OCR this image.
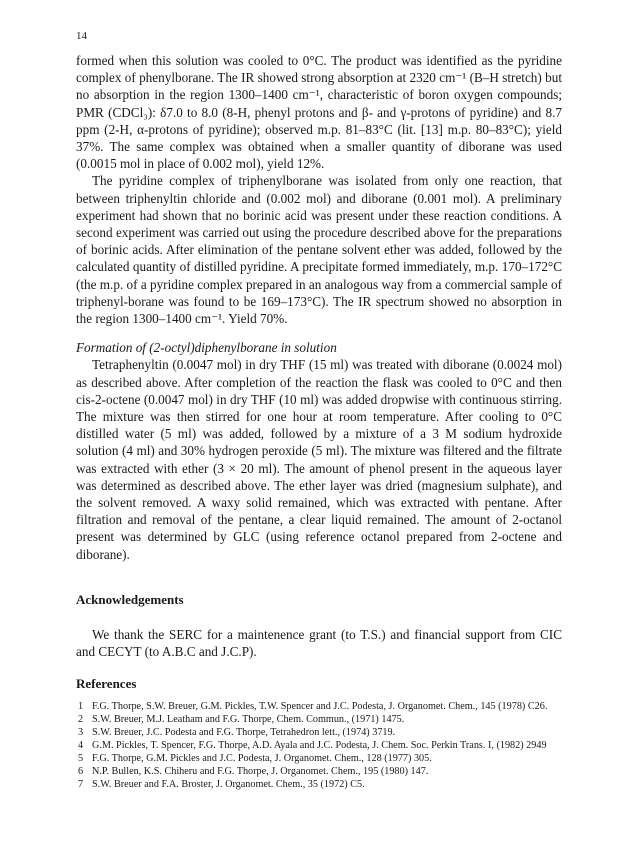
14

formed when this solution was cooled to 0°C. The product was identified as the pyridine complex of phenylborane. The IR showed strong absorption at 2320 cm⁻¹ (B–H stretch) but no absorption in the region 1300–1400 cm⁻¹, characteristic of boron oxygen compounds; PMR (CDCl₃): δ7.0 to 8.0 (8-H, phenyl protons and β- and γ-protons of pyridine) and 8.7 ppm (2-H, α-protons of pyridine); observed m.p. 81–83°C (lit. [13] m.p. 80–83°C); yield 37%. The same complex was obtained when a smaller quantity of diborane was used (0.0015 mol in place of 0.002 mol), yield 12%.

The pyridine complex of triphenylborane was isolated from only one reaction, that between triphenyltin chloride and (0.002 mol) and diborane (0.001 mol). A preliminary experiment had shown that no borinic acid was present under these reaction conditions. A second experiment was carried out using the procedure described above for the preparations of borinic acids. After elimination of the pentane solvent ether was added, followed by the calculated quantity of distilled pyridine. A precipitate formed immediately, m.p. 170–172°C (the m.p. of a pyridine complex prepared in an analogous way from a commercial sample of triphenyl-borane was found to be 169–173°C). The IR spectrum showed no absorption in the region 1300–1400 cm⁻¹. Yield 70%.

Formation of (2-octyl)diphenylborane in solution

Tetraphenyltin (0.0047 mol) in dry THF (15 ml) was treated with diborane (0.0024 mol) as described above. After completion of the reaction the flask was cooled to 0°C and then cis-2-octene (0.0047 mol) in dry THF (10 ml) was added dropwise with continuous stirring. The mixture was then stirred for one hour at room temperature. After cooling to 0°C distilled water (5 ml) was added, followed by a mixture of a 3 M sodium hydroxide solution (4 ml) and 30% hydrogen peroxide (5 ml). The mixture was filtered and the filtrate was extracted with ether (3 × 20 ml). The amount of phenol present in the aqueous layer was determined as described above. The ether layer was dried (magnesium sulphate), and the solvent removed. A waxy solid remained, which was extracted with pentane. After filtration and removal of the pentane, a clear liquid remained. The amount of 2-octanol present was determined by GLC (using reference octanol prepared from 2-octene and diborane).

Acknowledgements
We thank the SERC for a maintenence grant (to T.S.) and financial support from CIC and CECYT (to A.B.C and J.C.P).
References
1 F.G. Thorpe, S.W. Breuer, G.M. Pickles, T.W. Spencer and J.C. Podesta, J. Organomet. Chem., 145 (1978) C26.
2 S.W. Breuer, M.J. Leatham and F.G. Thorpe, Chem. Commun., (1971) 1475.
3 S.W. Breuer, J.C. Podesta and F.G. Thorpe, Tetrahedron lett., (1974) 3719.
4 G.M. Pickles, T. Spencer, F.G. Thorpe, A.D. Ayala and J.C. Podesta, J. Chem. Soc. Perkin Trans. I, (1982) 2949
5 F.G. Thorpe, G.M. Pickles and J.C. Podesta, J. Organomet. Chem., 128 (1977) 305.
6 N.P. Bullen, K.S. Chiheru and F.G. Thorpe, J. Organomet. Chem., 195 (1980) 147.
7 S.W. Breuer and F.A. Broster, J. Organomet. Chem., 35 (1972) C5.
